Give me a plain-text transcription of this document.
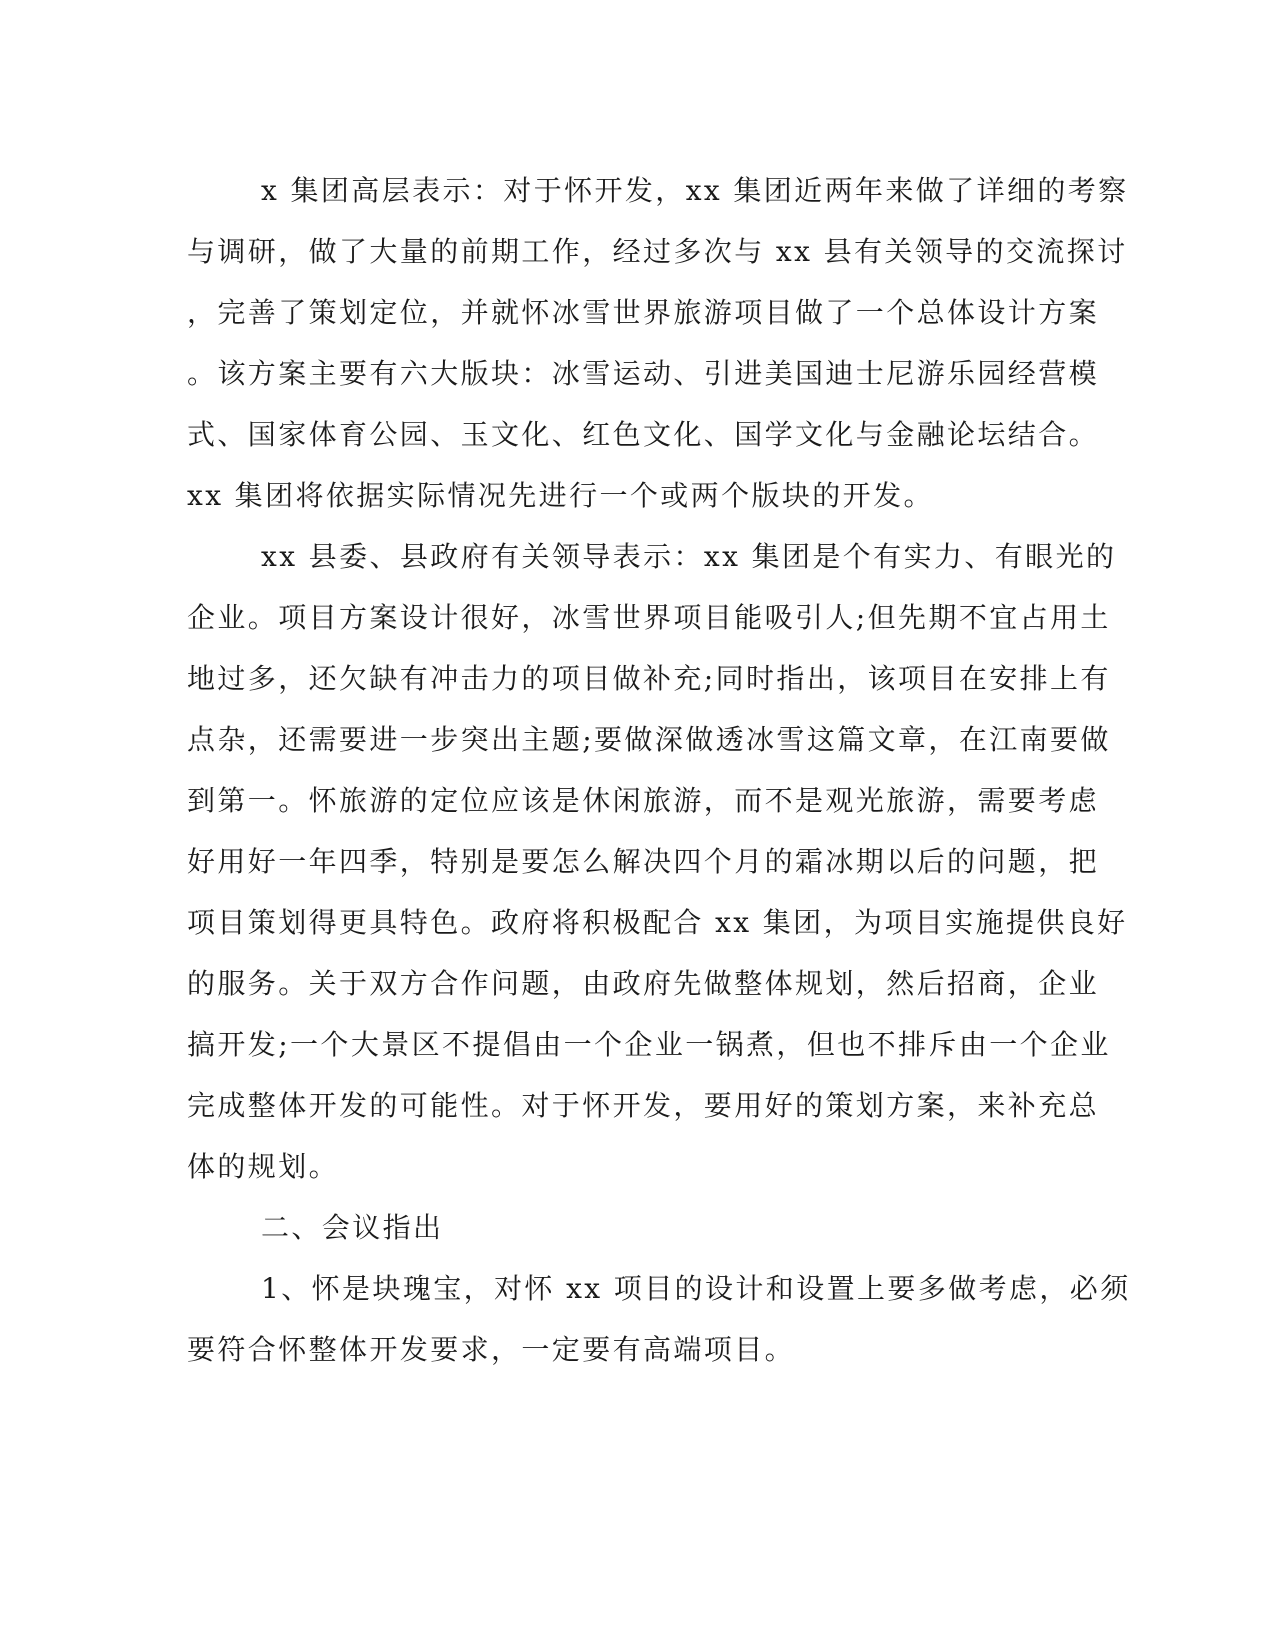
x 集团高层表示：对于怀开发，xx 集团近两年来做了详细的考察
与调研，做了大量的前期工作，经过多次与 xx 县有关领导的交流探讨
，完善了策划定位，并就怀冰雪世界旅游项目做了一个总体设计方案
。该方案主要有六大版块：冰雪运动、引进美国迪士尼游乐园经营模
式、国家体育公园、玉文化、红色文化、国学文化与金融论坛结合。
xx 集团将依据实际情况先进行一个或两个版块的开发。
xx 县委、县政府有关领导表示：xx 集团是个有实力、有眼光的
企业。项目方案设计很好，冰雪世界项目能吸引人;但先期不宜占用土
地过多，还欠缺有冲击力的项目做补充;同时指出，该项目在安排上有
点杂，还需要进一步突出主题;要做深做透冰雪这篇文章，在江南要做
到第一。怀旅游的定位应该是休闲旅游，而不是观光旅游，需要考虑
好用好一年四季，特别是要怎么解决四个月的霜冰期以后的问题，把
项目策划得更具特色。政府将积极配合 xx 集团，为项目实施提供良好
的服务。关于双方合作问题，由政府先做整体规划，然后招商，企业
搞开发;一个大景区不提倡由一个企业一锅煮，但也不排斥由一个企业
完成整体开发的可能性。对于怀开发，要用好的策划方案，来补充总
体的规划。
二、会议指出
1、怀是块瑰宝，对怀 xx 项目的设计和设置上要多做考虑，必须
要符合怀整体开发要求，一定要有高端项目。
